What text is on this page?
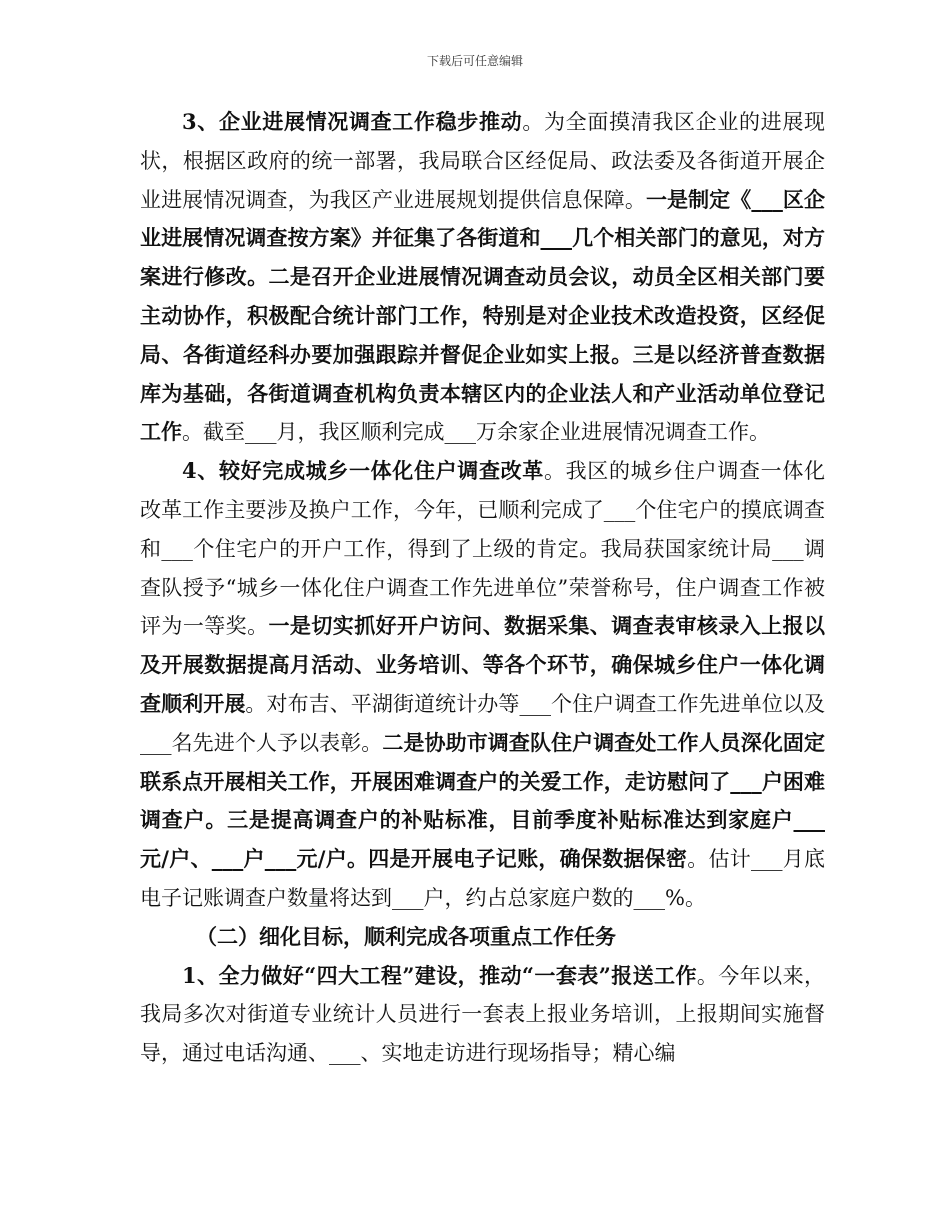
下载后可任意编辑

3、企业进展情况调查工作稳步推动。为全面摸清我区企业的进展现状，根据区政府的统一部署，我局联合区经促局、政法委及各街道开展企业进展情况调查，为我区产业进展规划提供信息保障。一是制定《___区企业进展情况调查按方案》并征集了各街道和___几个相关部门的意见，对方案进行修改。二是召开企业进展情况调查动员会议，动员全区相关部门要主动协作，积极配合统计部门工作，特别是对企业技术改造投资，区经促局、各街道经科办要加强跟踪并督促企业如实上报。三是以经济普查数据库为基础，各街道调查机构负责本辖区内的企业法人和产业活动单位登记工作。截至___月，我区顺利完成___万余家企业进展情况调查工作。

4、较好完成城乡一体化住户调查改革。我区的城乡住户调查一体化改革工作主要涉及换户工作，今年，已顺利完成了___个住宅户的摸底调查和___个住宅户的开户工作，得到了上级的肯定。我局获国家统计局___调查队授予“城乡一体化住户调查工作先进单位”荣誉称号，住户调查工作被评为一等奖。一是切实抓好开户访问、数据采集、调查表审核录入上报以及开展数据提高月活动、业务培训、等各个环节，确保城乡住户一体化调查顺利开展。对布吉、平湖街道统计办等___个住户调查工作先进单位以及___名先进个人予以表彰。二是协助市调查队住户调查处工作人员深化固定联系点开展相关工作，开展困难调查户的关爱工作，走访慰问了___户困难调查户。三是提高调查户的补贴标准，目前季度补贴标准达到家庭户___元/户、___户___元/户。四是开展电子记账，确保数据保密。估计___月底电子记账调查户数量将达到___户，约占总家庭户数的___%。

（二）细化目标，顺利完成各项重点工作任务

1、全力做好“四大工程”建设，推动“一套表”报送工作。今年以来，我局多次对街道专业统计人员进行一套表上报业务培训，上报期间实施督导，通过电话沟通、___、实地走访进行现场指导；精心编
